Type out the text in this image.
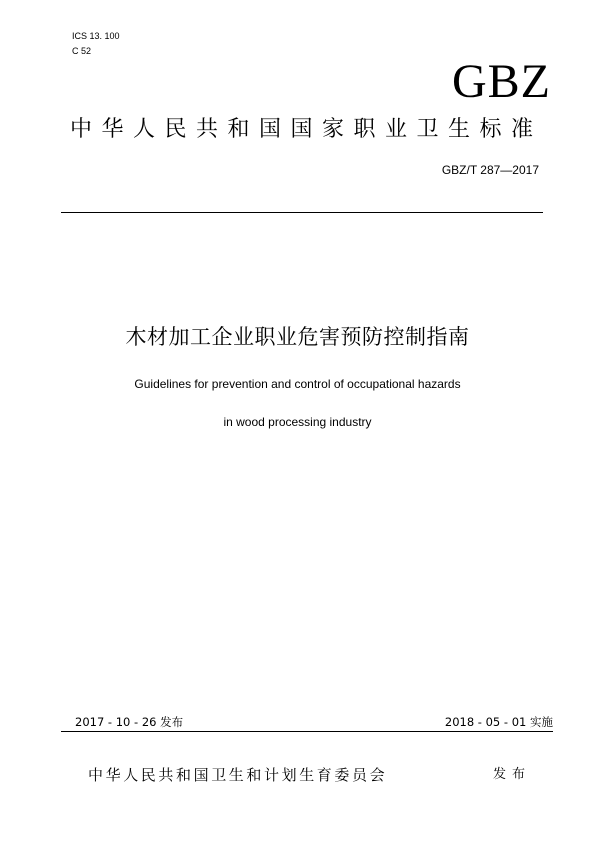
ICS 13. 100
C 52
GBZ
中华人民共和国国家职业卫生标准
GBZ/T 287—2017
木材加工企业职业危害预防控制指南
Guidelines for prevention and control of occupational hazards
in wood processing industry
2017 - 10 - 26 发布	2018 - 05 - 01 实施
中华人民共和国卫生和计划生育委员会	发布
